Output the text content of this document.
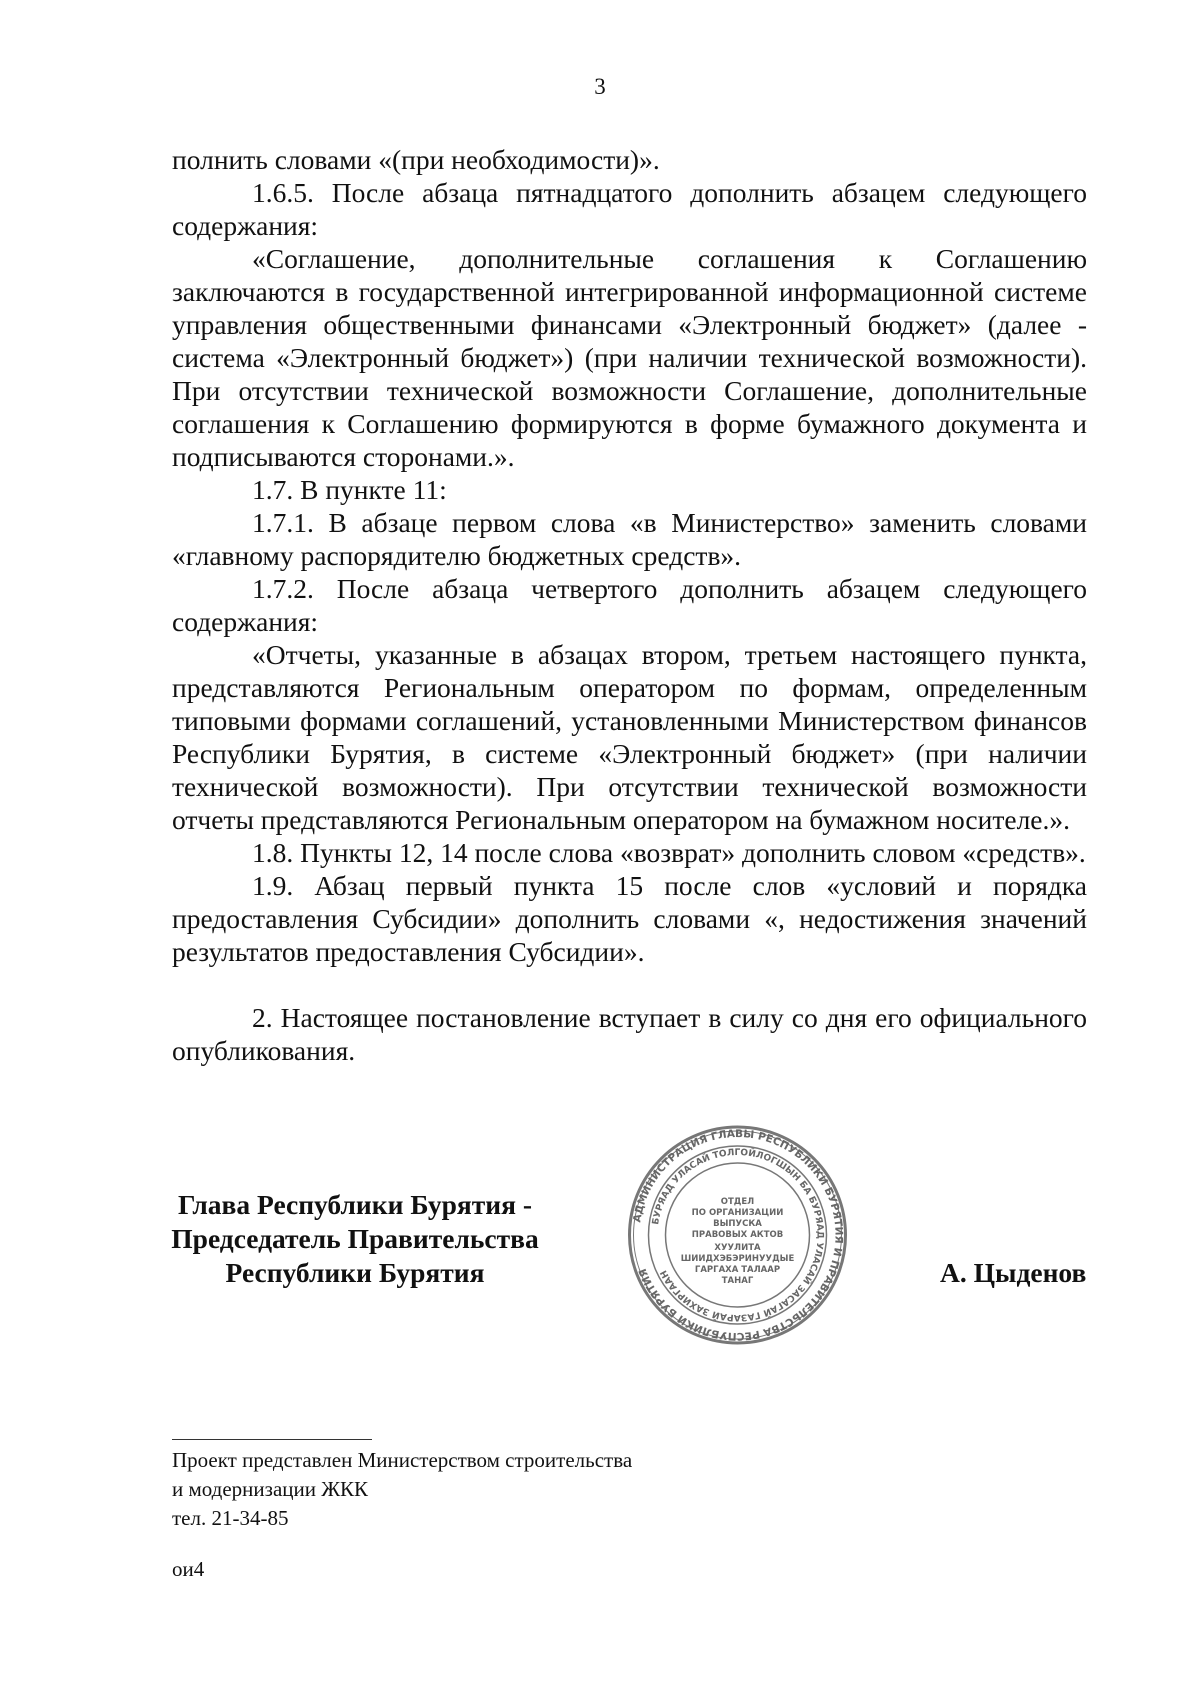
3

полнить словами «(при необходимости)».

1.6.5. После абзаца пятнадцатого дополнить абзацем следующего содержания:

«Соглашение, дополнительные соглашения к Соглашению заключаются в государственной интегрированной информационной системе управления общественными финансами «Электронный бюджет» (далее - система «Электронный бюджет») (при наличии технической возможности). При отсутствии технической возможности Соглашение, дополнительные соглашения к Соглашению формируются в форме бумажного документа и подписываются сторонами.».

1.7. В пункте 11:

1.7.1. В абзаце первом слова «в Министерство» заменить словами «главному распорядителю бюджетных средств».

1.7.2. После абзаца четвертого дополнить абзацем следующего содержания:

«Отчеты, указанные в абзацах втором, третьем настоящего пункта, представляются Региональным оператором по формам, определенным типовыми формами соглашений, установленными Министерством финансов Республики Бурятия, в системе «Электронный бюджет» (при наличии технической возможности). При отсутствии технической возможности отчеты представляются Региональным оператором на бумажном носителе.».

1.8. Пункты 12, 14 после слова «возврат» дополнить словом «средств».

1.9. Абзац первый пункта 15 после слов «условий и порядка предоставления Субсидии» дополнить словами «, недостижения значений результатов предоставления Субсидии».

2. Настоящее постановление вступает в силу со дня его официального опубликования.

Глава Республики Бурятия -
Председатель Правительства
Республики Бурятия
АДМИНИСТРАЦИЯ ГЛАВЫ РЕСПУБЛИКИ БУРЯТИЯ И ПРАВИТЕЛЬСТВА РЕСПУБЛИКИ БУРЯТИЯ
БУРЯАД УЛАСАЙ ТОЛГОЙЛОГШЫН БА БУРЯАД УЛАСАЙ ЗАСАГАЙ ГАЗАРАЙ ЗАХИРГААН
ОТДЕЛ
ПО ОРГАНИЗАЦИИ
ВЫПУСКА
ПРАВОВЫХ АКТОВ
ХУУЛИТА
ШИИДХЭБЭРИНУУДЫЕ
ГАРГАХА ТАЛААР
ТАНАГ	А. Цыденов
Проект представлен Министерством строительства
и модернизации ЖКК
тел. 21-34-85
ои4
